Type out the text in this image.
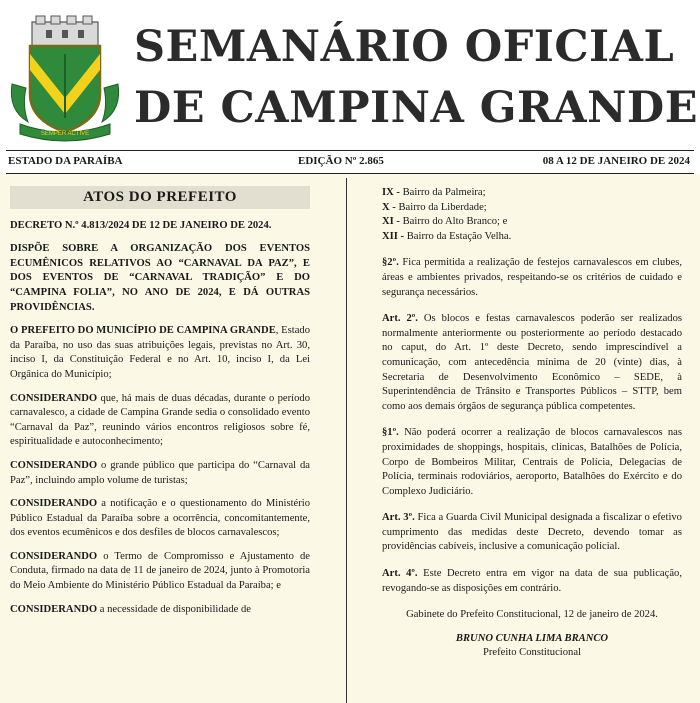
SEMPER ACTIVE
SEMANÁRIO OFICIAL
DE CAMPINA GRANDE
ESTADO DA PARAÍBA	EDIÇÃO Nº 2.865	08 A 12 DE JANEIRO DE 2024
ATOS DO PREFEITO

DECRETO N.º 4.813/2024 DE 12 DE JANEIRO DE 2024.

DISPÕE SOBRE A ORGANIZAÇÃO DOS EVENTOS ECUMÊNICOS RELATIVOS AO “CARNAVAL DA PAZ”, E DOS EVENTOS DE “CARNAVAL TRADIÇÃO” E DO “CAMPINA FOLIA”, NO ANO DE 2024, E DÁ OUTRAS PROVIDÊNCIAS.

O PREFEITO DO MUNICÍPIO DE CAMPINA GRANDE, Estado da Paraíba, no uso das suas atribuições legais, previstas no Art. 30, inciso I, da Constituição Federal e no Art. 10, inciso I, da Lei Orgânica do Município;

CONSIDERANDO que, há mais de duas décadas, durante o período carnavalesco, a cidade de Campina Grande sedia o consolidado evento “Carnaval da Paz”, reunindo vários encontros religiosos sobre fé, espiritualidade e autoconhecimento;

CONSIDERANDO o grande público que participa do “Carnaval da Paz”, incluindo amplo volume de turistas;

CONSIDERANDO a notificação e o questionamento do Ministério Público Estadual da Paraíba sobre a ocorrência, concomitantemente, dos eventos ecumênicos e dos desfiles de blocos carnavalescos;

CONSIDERANDO o Termo de Compromisso e Ajustamento de Conduta, firmado na data de 11 de janeiro de 2024, junto à Promotoria do Meio Ambiente do Ministério Público Estadual da Paraíba; e

CONSIDERANDO a necessidade de disponibilidade de

IX - Bairro da Palmeira;

X - Bairro da Liberdade;

XI - Bairro do Alto Branco; e

XII - Bairro da Estação Velha.

§2º. Fica permitida a realização de festejos carnavalescos em clubes, áreas e ambientes privados, respeitando-se os critérios de cuidado e segurança necessários.

Art. 2º. Os blocos e festas carnavalescos poderão ser realizados normalmente anteriormente ou posteriormente ao período destacado no caput, do Art. 1º deste Decreto, sendo imprescindível a comunicação, com antecedência mínima de 20 (vinte) dias, à Secretaria de Desenvolvimento Econômico – SEDE, à Superintendência de Trânsito e Transportes Públicos – STTP, bem como aos demais órgãos de segurança pública competentes.

§1º. Não poderá ocorrer a realização de blocos carnavalescos nas proximidades de shoppings, hospitais, clínicas, Batalhões de Polícia, Corpo de Bombeiros Militar, Centrais de Polícia, Delegacias de Polícia, terminais rodoviários, aeroporto, Batalhões do Exército e do Complexo Judiciário.

Art. 3º. Fica a Guarda Civil Municipal designada a fiscalizar o efetivo cumprimento das medidas deste Decreto, devendo tomar as providências cabíveis, inclusive a comunicação policial.

Art. 4º. Este Decreto entra em vigor na data de sua publicação, revogando-se as disposições em contrário.

Gabinete do Prefeito Constitucional, 12 de janeiro de 2024.

BRUNO CUNHA LIMA BRANCO
Prefeito Constitucional
